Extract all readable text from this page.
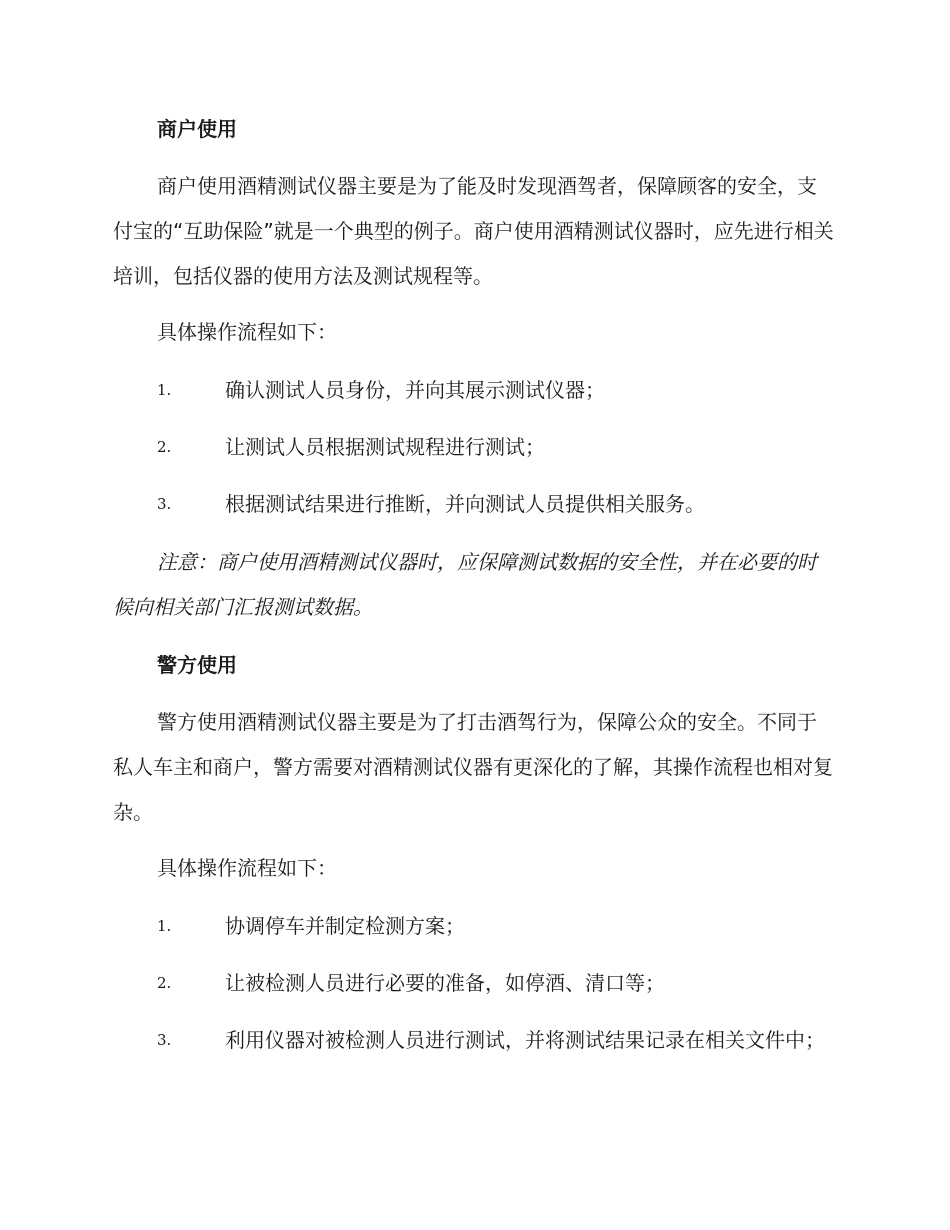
商户使用

商户使用酒精测试仪器主要是为了能及时发现酒驾者，保障顾客的安全，支付宝的“互助保险”就是一个典型的例子。商户使用酒精测试仪器时，应先进行相关培训，包括仪器的使用方法及测试规程等。

具体操作流程如下：

1.	确认测试人员身份，并向其展示测试仪器；
2.	让测试人员根据测试规程进行测试；
3.	根据测试结果进行推断，并向测试人员提供相关服务。

注意：商户使用酒精测试仪器时，应保障测试数据的安全性，并在必要的时候向相关部门汇报测试数据。

警方使用

警方使用酒精测试仪器主要是为了打击酒驾行为，保障公众的安全。不同于私人车主和商户，警方需要对酒精测试仪器有更深化的了解，其操作流程也相对复杂。

具体操作流程如下：

1.	协调停车并制定检测方案；
2.	让被检测人员进行必要的准备，如停酒、清口等；
3.	利用仪器对被检测人员进行测试，并将测试结果记录在相关文件中；
